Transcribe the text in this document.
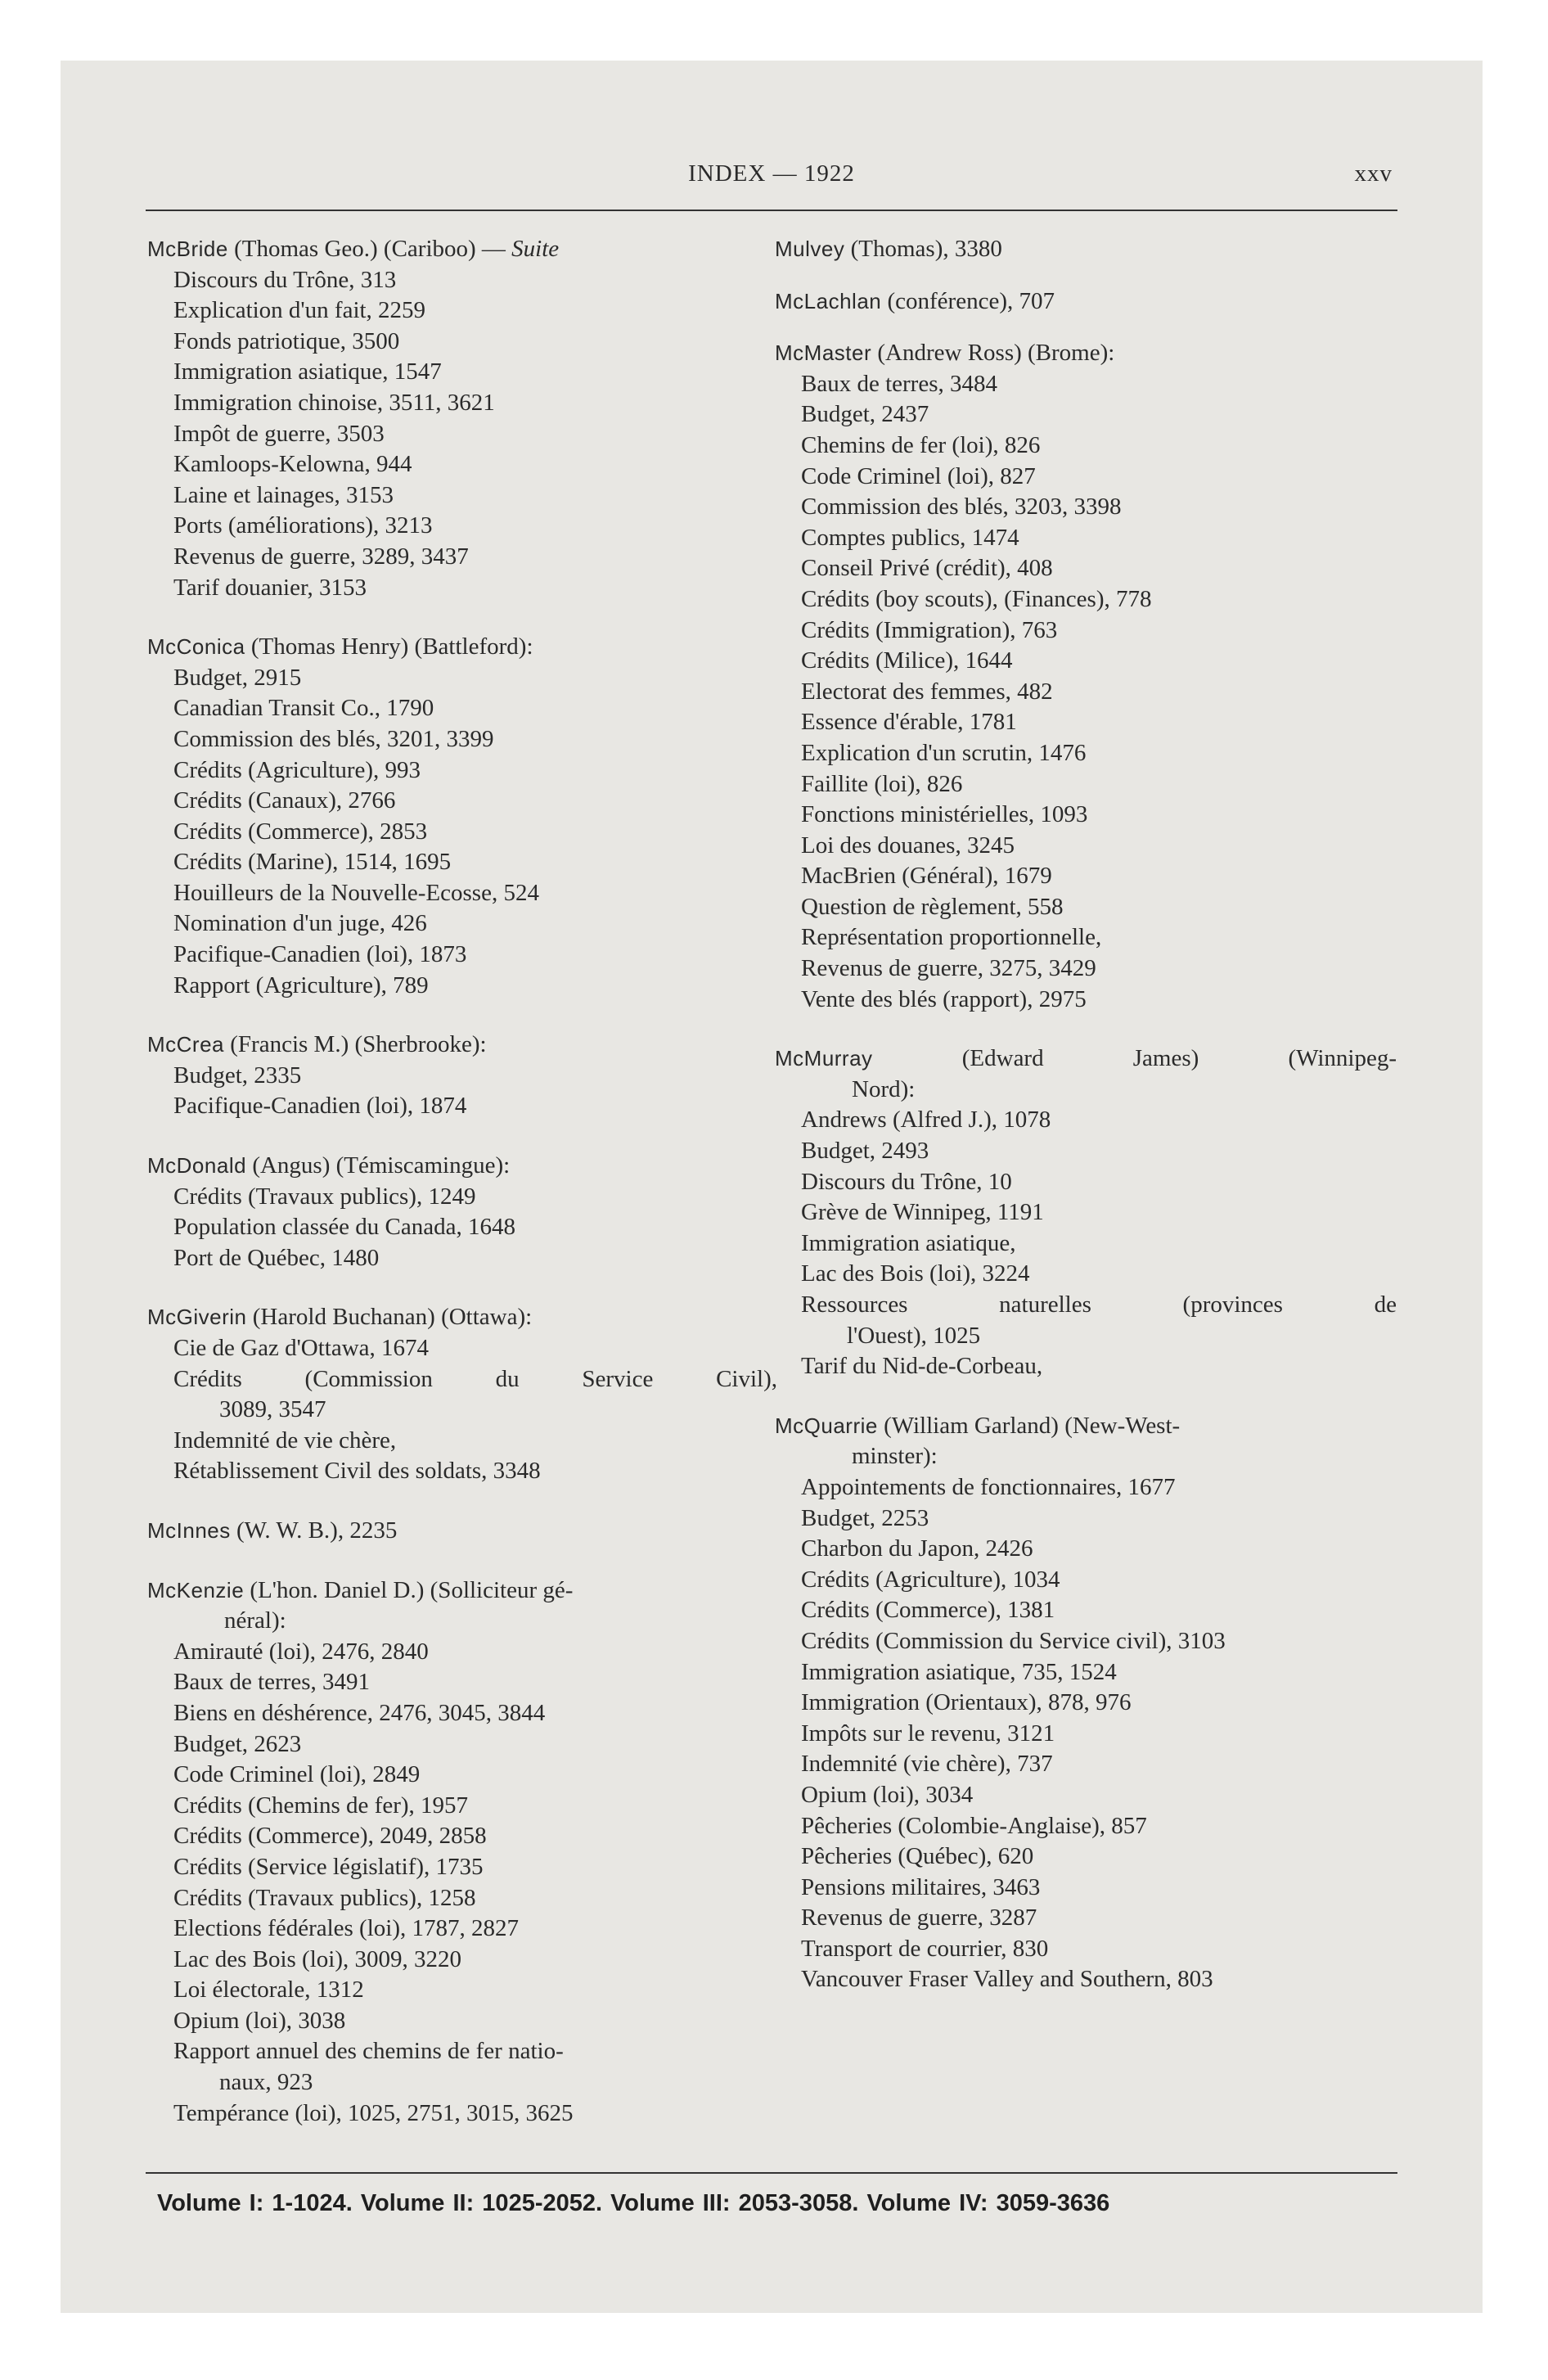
INDEX — 1922	xxv
McBride (Thomas Geo.) (Cariboo) — Suite
Discours du Trône, 313
Explication d'un fait, 2259
Fonds patriotique, 3500
Immigration asiatique, 1547
Immigration chinoise, 3511, 3621
Impôt de guerre, 3503
Kamloops-Kelowna, 944
Laine et lainages, 3153
Ports (améliorations), 3213
Revenus de guerre, 3289, 3437
Tarif douanier, 3153
McConica (Thomas Henry) (Battleford):
Budget, 2915
Canadian Transit Co., 1790
Commission des blés, 3201, 3399
Crédits (Agriculture), 993
Crédits (Canaux), 2766
Crédits (Commerce), 2853
Crédits (Marine), 1514, 1695
Houilleurs de la Nouvelle-Ecosse, 524
Nomination d'un juge, 426
Pacifique-Canadien (loi), 1873
Rapport (Agriculture), 789
McCrea (Francis M.) (Sherbrooke):
Budget, 2335
Pacifique-Canadien (loi), 1874
McDonald (Angus) (Témiscamingue):
Crédits (Travaux publics), 1249
Population classée du Canada, 1648
Port de Québec, 1480
McGiverin (Harold Buchanan) (Ottawa):
Cie de Gaz d'Ottawa, 1674
Crédits (Commission du Service Civil),
3089, 3547
Indemnité de vie chère,
Rétablissement Civil des soldats, 3348
McInnes (W. W. B.), 2235
McKenzie (L'hon. Daniel D.) (Solliciteur gé-
néral):
Amirauté (loi), 2476, 2840
Baux de terres, 3491
Biens en déshérence, 2476, 3045, 3844
Budget, 2623
Code Criminel (loi), 2849
Crédits (Chemins de fer), 1957
Crédits (Commerce), 2049, 2858
Crédits (Service législatif), 1735
Crédits (Travaux publics), 1258
Elections fédérales (loi), 1787, 2827
Lac des Bois (loi), 3009, 3220
Loi électorale, 1312
Opium (loi), 3038
Rapport annuel des chemins de fer natio-
naux, 923
Tempérance (loi), 1025, 2751, 3015, 3625
Mulvey (Thomas), 3380
McLachlan (conférence), 707
McMaster (Andrew Ross) (Brome):
Baux de terres, 3484
Budget, 2437
Chemins de fer (loi), 826
Code Criminel (loi), 827
Commission des blés, 3203, 3398
Comptes publics, 1474
Conseil Privé (crédit), 408
Crédits (boy scouts), (Finances), 778
Crédits (Immigration), 763
Crédits (Milice), 1644
Electorat des femmes, 482
Essence d'érable, 1781
Explication d'un scrutin, 1476
Faillite (loi), 826
Fonctions ministérielles, 1093
Loi des douanes, 3245
MacBrien (Général), 1679
Question de règlement, 558
Représentation proportionnelle,
Revenus de guerre, 3275, 3429
Vente des blés (rapport), 2975
McMurray	(Edward James) (Winnipeg-
Nord):
Andrews (Alfred J.), 1078
Budget, 2493
Discours du Trône, 10
Grève de Winnipeg, 1191
Immigration asiatique,
Lac des Bois (loi), 3224
Ressources naturelles (provinces de
l'Ouest), 1025
Tarif du Nid-de-Corbeau,
McQuarrie (William Garland) (New-West-
minster):
Appointements de fonctionnaires, 1677
Budget, 2253
Charbon du Japon, 2426
Crédits (Agriculture), 1034
Crédits (Commerce), 1381
Crédits (Commission du Service civil), 3103
Immigration asiatique, 735, 1524
Immigration (Orientaux), 878, 976
Impôts sur le revenu, 3121
Indemnité (vie chère), 737
Opium (loi), 3034
Pêcheries (Colombie-Anglaise), 857
Pêcheries (Québec), 620
Pensions militaires, 3463
Revenus de guerre, 3287
Transport de courrier, 830
Vancouver Fraser Valley and Southern, 803
Volume I: 1-1024. Volume II: 1025-2052. Volume III: 2053-3058. Volume IV: 3059-3636
